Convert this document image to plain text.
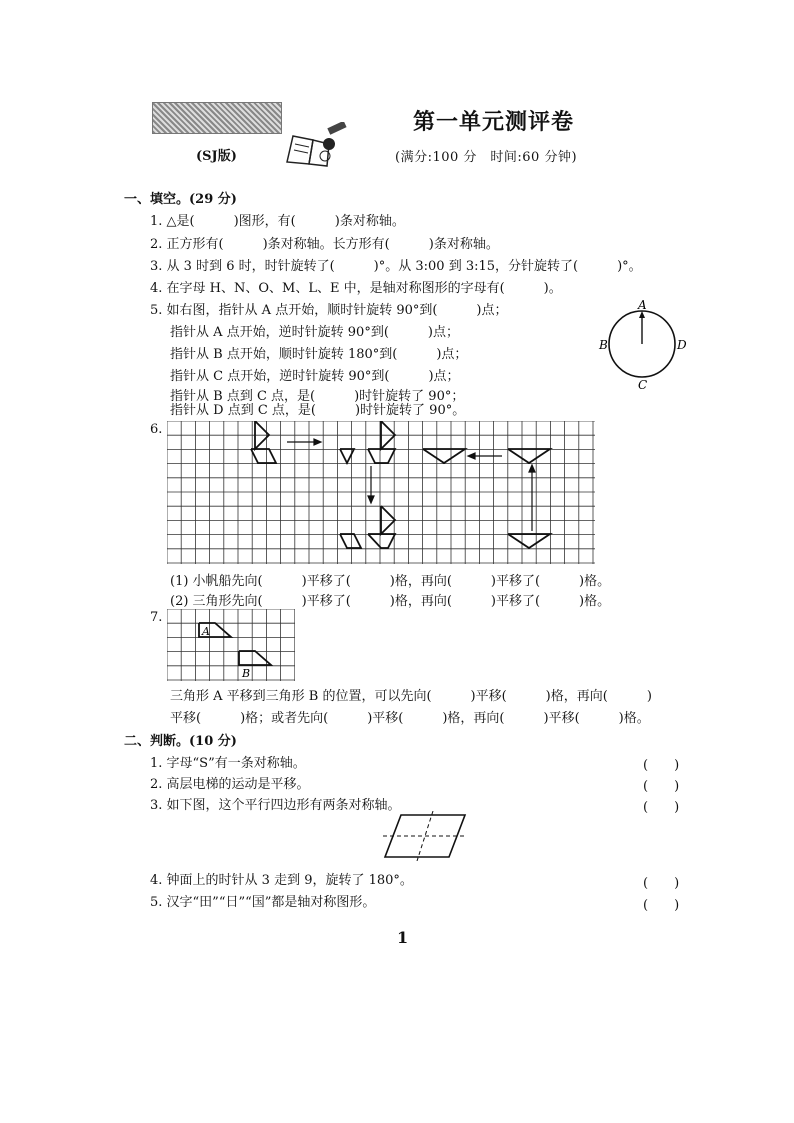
第一单元测评卷
(SJ版)	(满分:100 分　时间:60 分钟)
一、填空。(29 分)
1. △是(　　　)图形，有(　　　)条对称轴。
2. 正方形有(　　　)条对称轴。长方形有(　　　)条对称轴。
3. 从 3 时到 6 时，时针旋转了(　　　)°。从 3:00 到 3:15，分针旋转了(　　　)°。
4. 在字母 H、N、O、M、L、E 中，是轴对称图形的字母有(　　　)。
5. 如右图，指针从 A 点开始，顺时针旋转 90°到(　　　)点；
指针从 A 点开始，逆时针旋转 90°到(　　　)点；
指针从 B 点开始，顺时针旋转 180°到(　　　)点；
指针从 C 点开始，逆时针旋转 90°到(　　　)点；
指针从 B 点到 C 点，是(　　　)时针旋转了 90°；
指针从 D 点到 C 点，是(　　　)时针旋转了 90°。
A
B	D
C
6.
(1) 小帆船先向(　　　)平移了(　　　)格，再向(　　　)平移了(　　　)格。
(2) 三角形先向(　　　)平移了(　　　)格，再向(　　　)平移了(　　　)格。
7.
A
B
三角形 A 平移到三角形 B 的位置，可以先向(　　　)平移(　　　)格，再向(　　　)
平移(　　　)格；或者先向(　　　)平移(　　　)格，再向(　　　)平移(　　　)格。
二、判断。(10 分)
1. 字母“S”有一条对称轴。
2. 高层电梯的运动是平移。
3. 如下图，这个平行四边形有两条对称轴。
(　　)
(　　)
(　　)
4. 钟面上的时针从 3 走到 9，旋转了 180°。
5. 汉字“田”“日”“国”都是轴对称图形。
(　　)
(　　)
1
